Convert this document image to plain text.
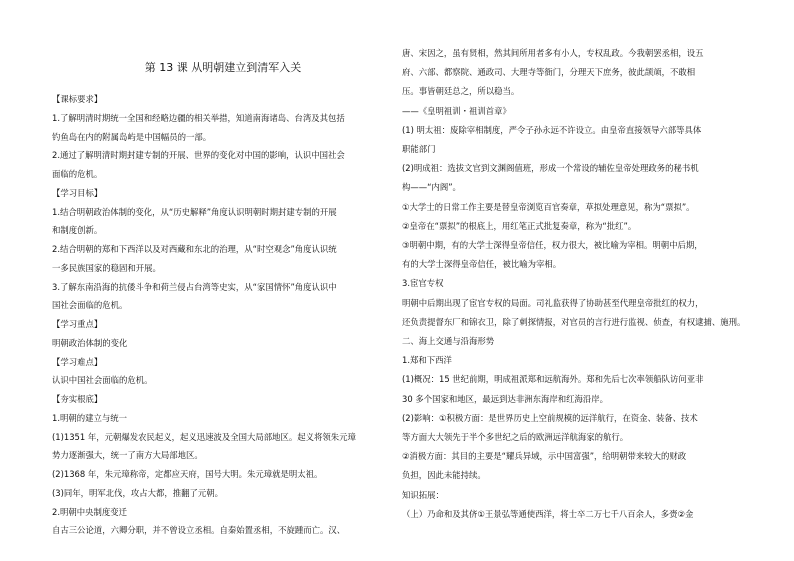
第 13 课 从明朝建立到清军入关
【课标要求】
1.了解明清时期统一全国和经略边疆的相关举措，知道南海诸岛、台湾及其包括
钓鱼岛在内的附属岛屿是中国幅员的一部。
2.通过了解明清时期封建专制的开展、世界的变化对中国的影响，认识中国社会
面临的危机。
【学习目标】
1.结合明朝政治体制的变化，从“历史解释”角度认识明朝时期封建专制的开展
和制度创新。
2.结合明朝的郑和下西洋以及对西藏和东北的治理，从“时空观念”角度认识统
一多民族国家的稳固和开展。
3.了解东南沿海的抗倭斗争和荷兰侵占台湾等史实，从“家国情怀”角度认识中
国社会面临的危机。
【学习重点】
明朝政治体制的变化
【学习难点】
认识中国社会面临的危机。
【夯实根底】
1.明朝的建立与统一
(1)1351 年，元朝爆发农民起义，起义迅速波及全国大局部地区。起义将领朱元璋
势力逐渐强大，统一了南方大局部地区。
(2)1368 年，朱元璋称帝，定都应天府，国号大明。朱元璋就是明太祖。
(3)同年，明军北伐，攻占大都，推翻了元朝。
2.明朝中央制度变迁
自古三公论道，六卿分职，并不曾设立丞相。自秦始置丞相，不旋踵而亡。汉、
唐、宋因之，虽有贤相，然其间所用者多有小人，专权乱政。今我朝罢丞相，设五
府、六部、都察院、通政司、大理寺等衙门，分理天下庶务，彼此颉颃，不敢相
压。事皆朝廷总之，所以稳当。
——《皇明祖训・祖训首章》
(1) 明太祖：废除宰相制度，严令子孙永远不许设立。由皇帝直接领导六部等具体
职能部门
(2)明成祖：选拔文官到文渊阁值班，形成一个常设的辅佐皇帝处理政务的秘书机
构——“内阁”。
①大学士的日常工作主要是替皇帝浏览百官奏章，草拟处理意见，称为“票拟”。
②皇帝在“票拟”的根底上，用红笔正式批复奏章，称为“批红”。
③明朝中期，有的大学士深得皇帝信任，权力很大，被比喻为宰相。明朝中后期，
有的大学士深得皇帝信任，被比喻为宰相。
3.宦官专权
明朝中后期出现了宦官专权的局面。司礼监获得了协助甚至代理皇帝批红的权力，
还负责提督东厂和锦衣卫，除了刺探情报，对官员的言行进行监视、侦查，有权逮捕、施刑。
二、海上交通与沿海形势
1.郑和下西洋
(1)概况：15 世纪前期，明成祖派郑和远航海外。郑和先后七次率领船队访问亚非
30 多个国家和地区，最远到达非洲东海岸和红海沿岸。
(2)影响：①积极方面：是世界历史上空前规模的远洋航行，在资金、装备、技术
等方面大大领先于半个多世纪之后的欧洲远洋航海家的航行。
②消极方面：其目的主要是“耀兵异域，示中国富强”，给明朝带来较大的财政
负担，因此未能持续。
知识拓展：
（上）乃命和及其侪①王景弘等通使西洋，将士卒二万七千八百余人，多赍②金
